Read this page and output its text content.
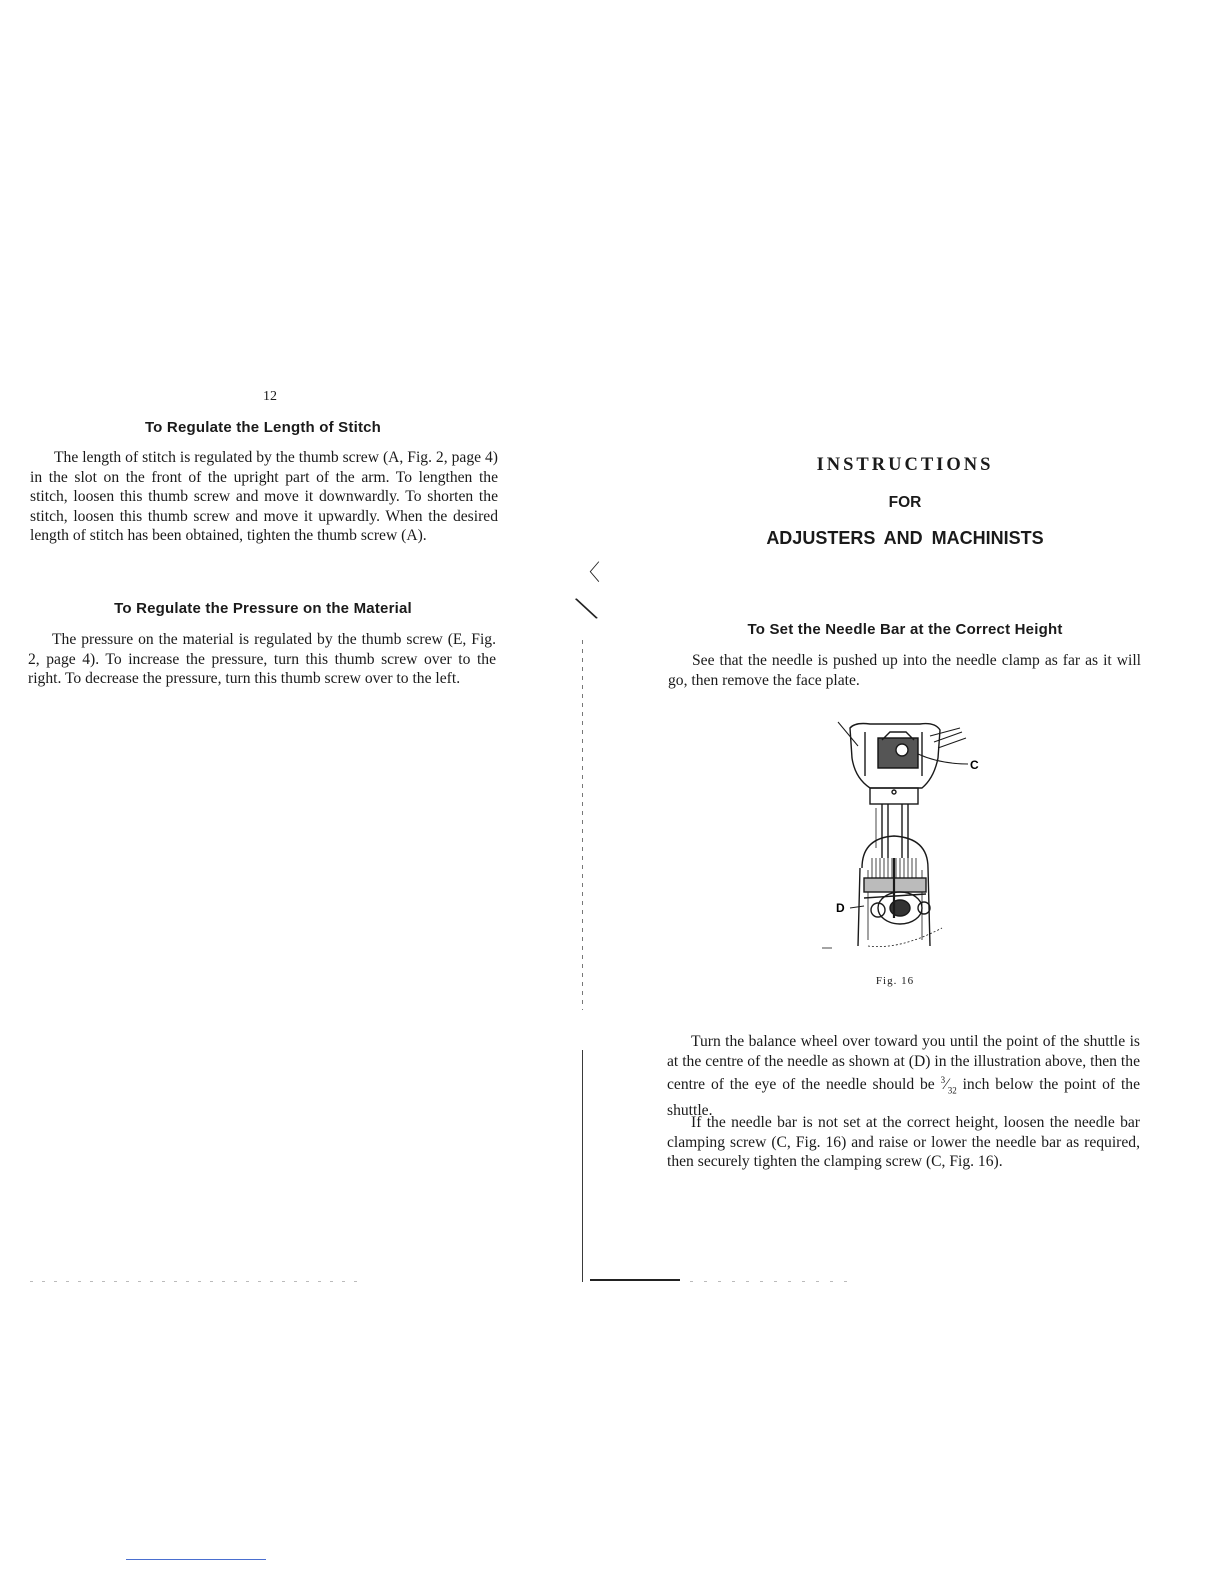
12
To Regulate the Length of Stitch

The length of stitch is regulated by the thumb screw (A, Fig. 2, page 4) in the slot on the front of the upright part of the arm. To lengthen the stitch, loosen this thumb screw and move it downwardly. To shorten the stitch, loosen this thumb screw and move it upwardly. When the desired length of stitch has been obtained, tighten the thumb screw (A).

To Regulate the Pressure on the Material

The pressure on the material is regulated by the thumb screw (E, Fig. 2, page 4). To increase the pressure, turn this thumb screw over to the right. To decrease the pressure, turn this thumb screw over to the left.

〈
╲
INSTRUCTIONS
FOR
ADJUSTERS AND MACHINISTS
To Set the Needle Bar at the Correct Height

See that the needle is pushed up into the needle clamp as far as it will go, then remove the face plate.

C
D
Fig. 16

Turn the balance wheel over toward you until the point of the shuttle is at the centre of the needle as shown at (D) in the illustration above, then the centre of the eye of the needle should be $^3⁄_{32}$ inch below the point of the shuttle.

If the needle bar is not set at the correct height, loosen the needle bar clamping screw (C, Fig. 16) and raise or lower the needle bar as required, then securely tighten the clamping screw (C, Fig. 16).
